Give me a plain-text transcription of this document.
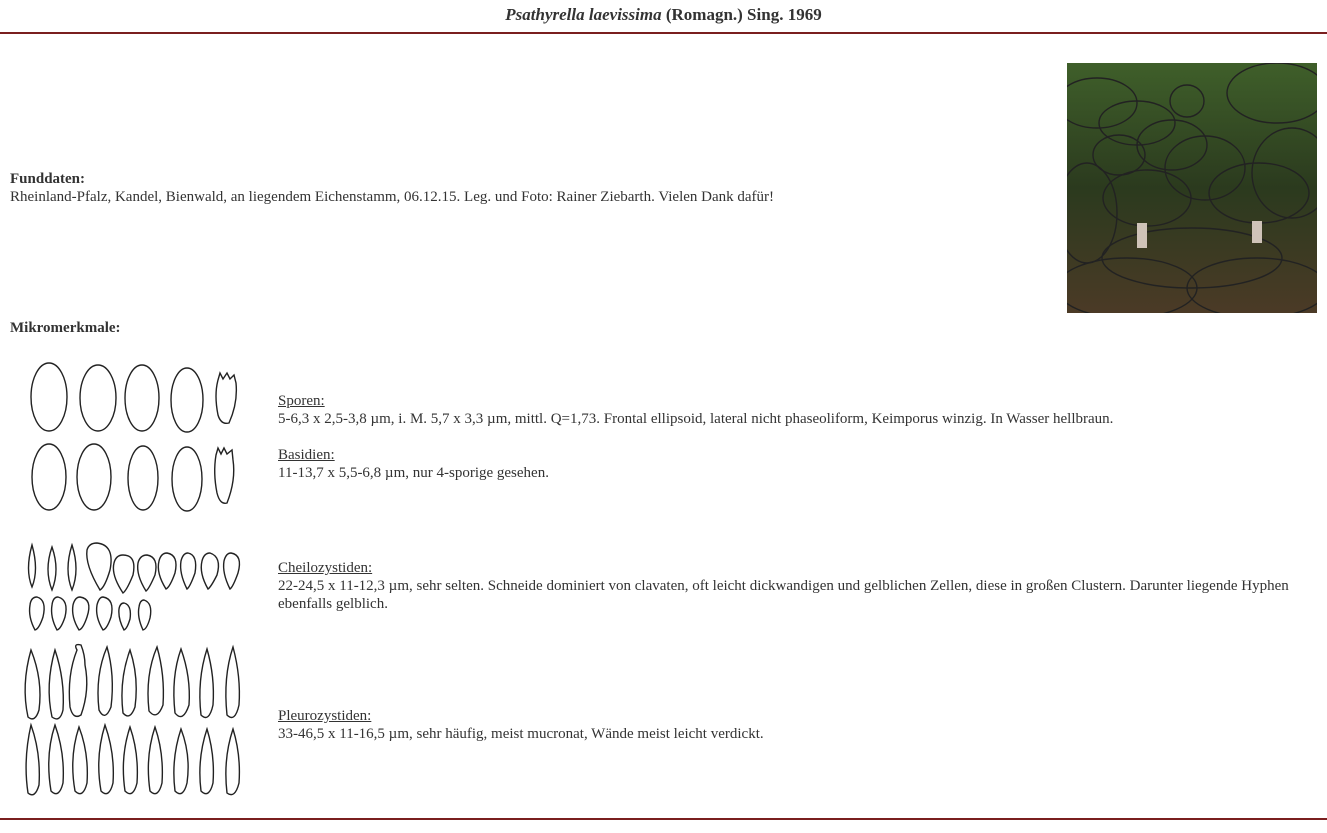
Psathyrella laevissima (Romagn.) Sing. 1969
Funddaten:
Rheinland-Pfalz, Kandel, Bienwald, an liegendem Eichenstamm, 06.12.15. Leg. und Foto: Rainer Ziebarth. Vielen Dank dafür!
Mikromerkmale:
Sporen:
5-6,3 x 2,5-3,8 µm, i. M. 5,7 x 3,3 µm, mittl. Q=1,73. Frontal ellipsoid, lateral nicht phaseoliform, Keimporus winzig. In Wasser hellbraun.
Basidien:
11-13,7 x 5,5-6,8 µm, nur 4-sporige gesehen.
Cheilozystiden:
22-24,5 x 11-12,3 µm, sehr selten. Schneide dominiert von clavaten, oft leicht dickwandigen und gelblichen Zellen, diese in großen Clustern. Darunter liegende Hyphen ebenfalls gelblich.
Pleurozystiden:
33-46,5 x 11-16,5 µm, sehr häufig, meist mucronat, Wände meist leicht verdickt.
